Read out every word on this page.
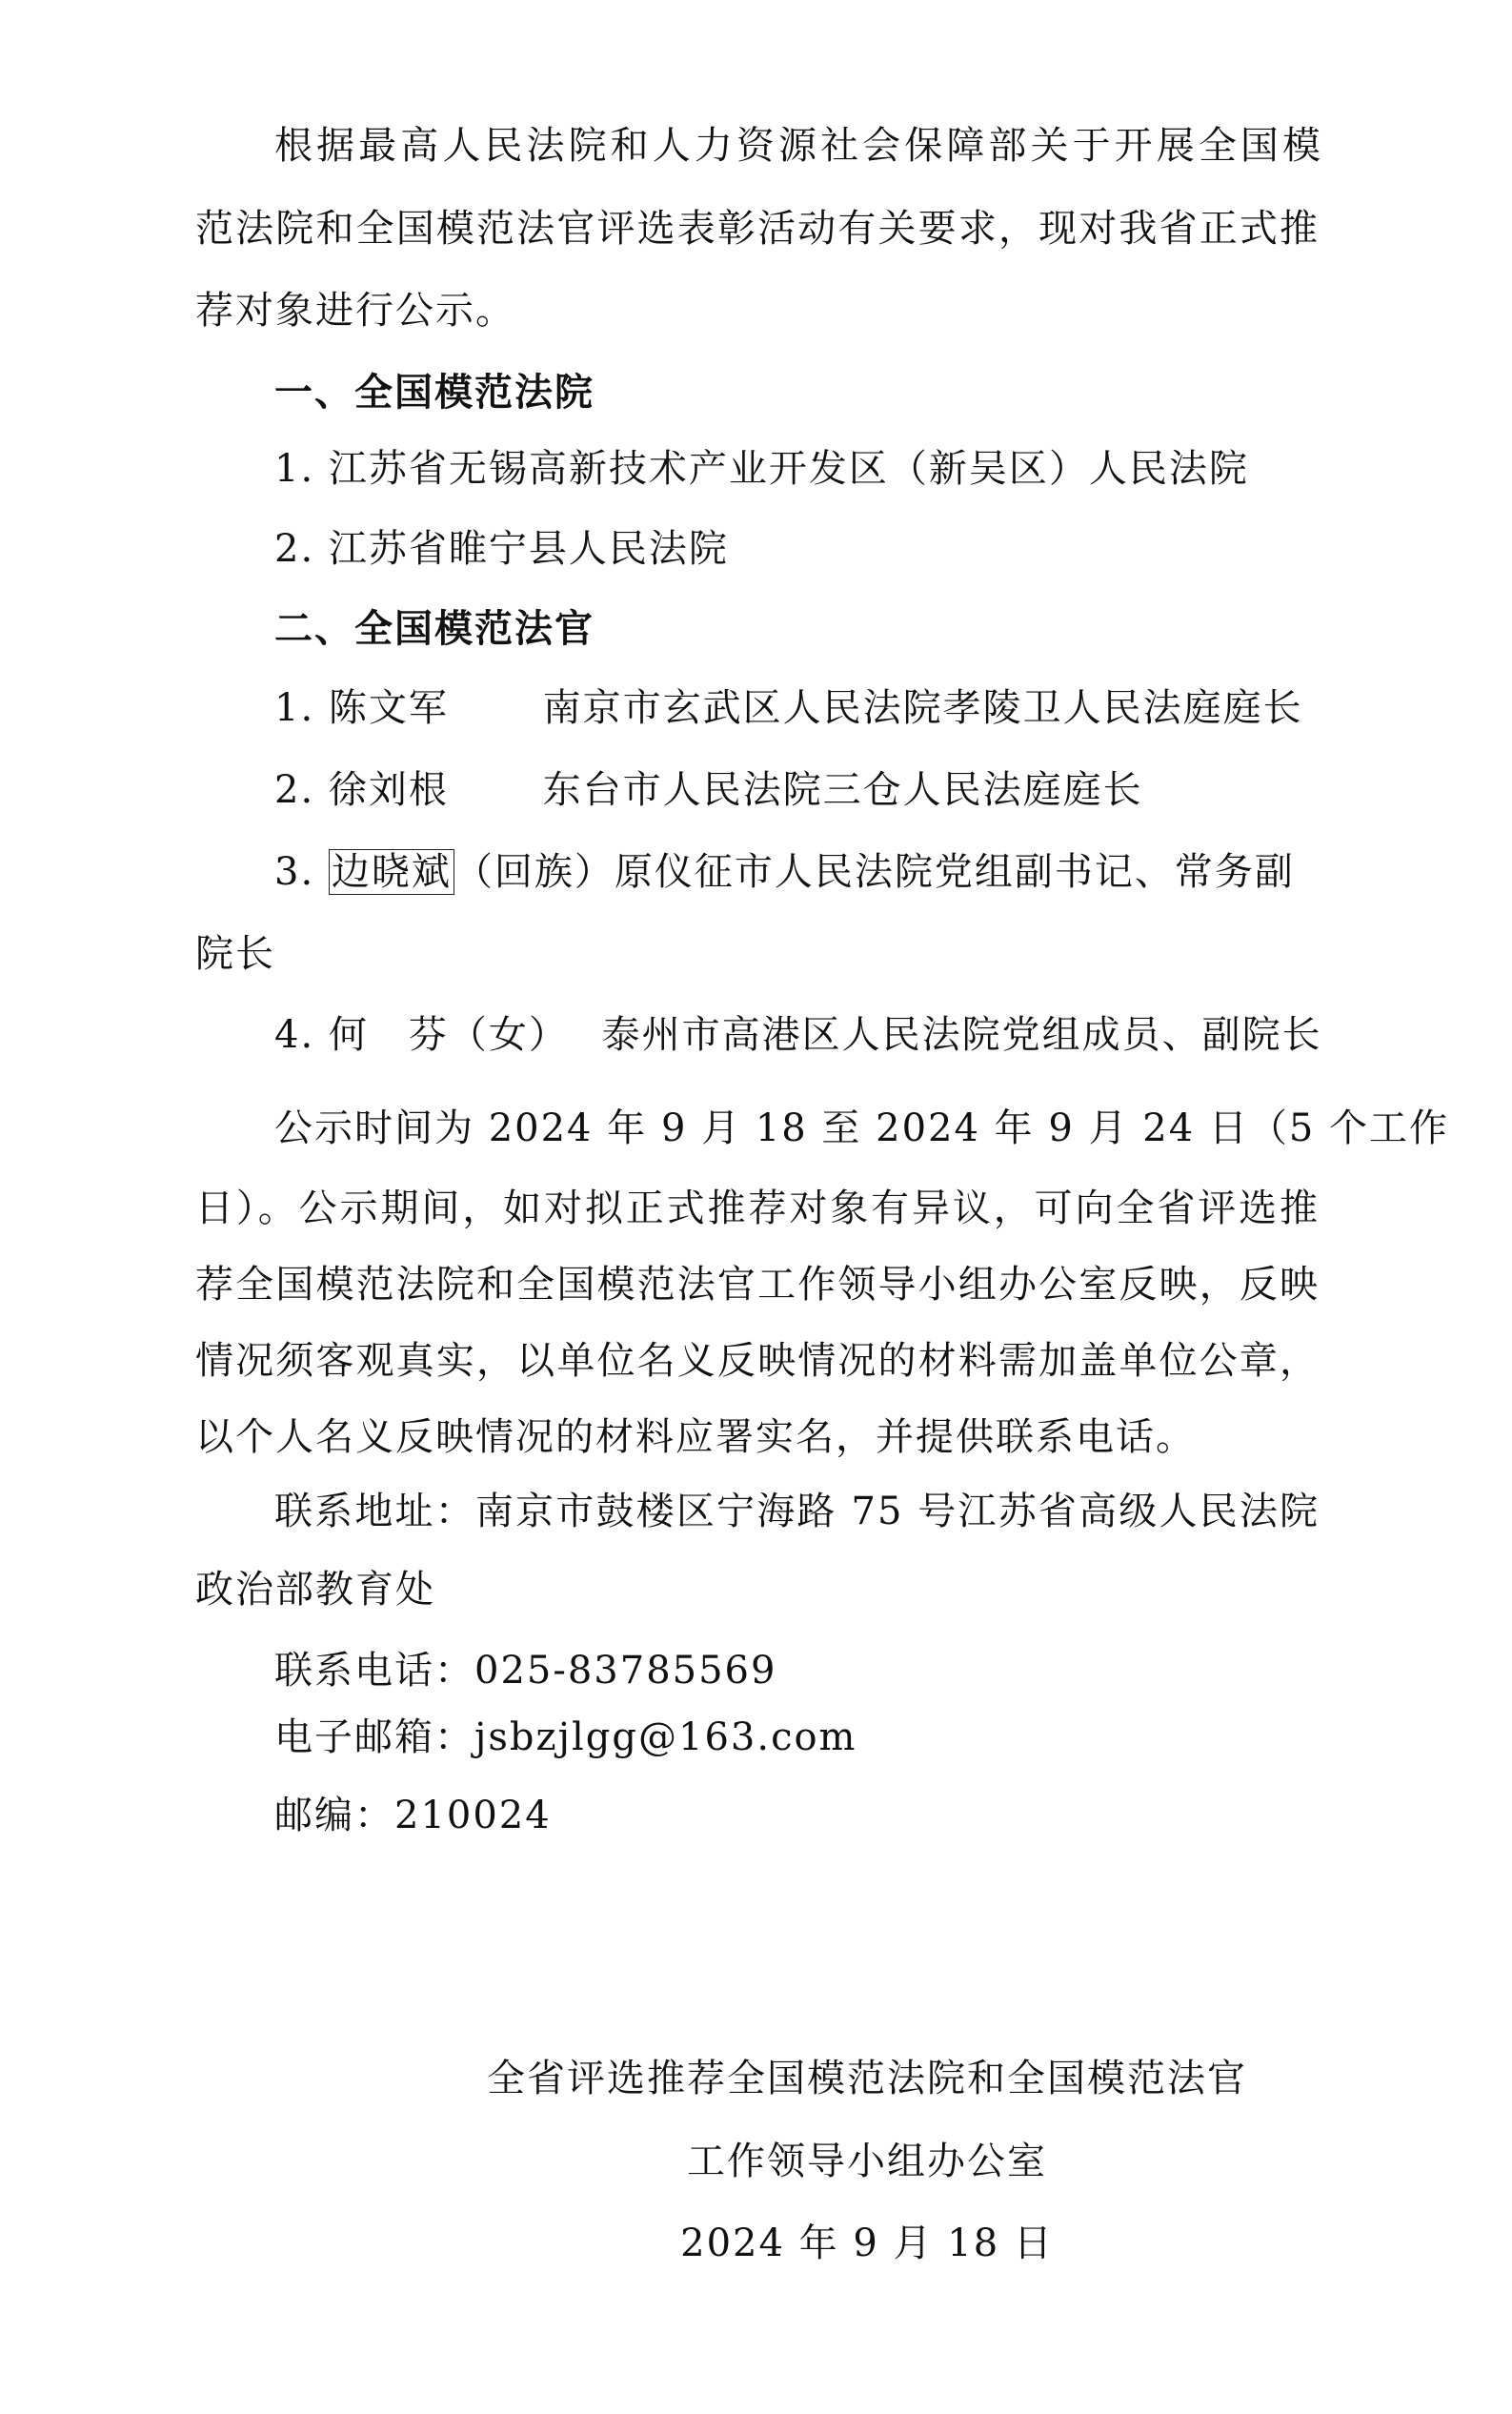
根据最高人民法院和人力资源社会保障部关于开展全国模
范法院和全国模范法官评选表彰活动有关要求，现对我省正式推
荐对象进行公示。
一、全国模范法院
1. 江苏省无锡高新技术产业开发区（新吴区）人民法院
2. 江苏省睢宁县人民法院
二、全国模范法官
1. 陈文军 南京市玄武区人民法院孝陵卫人民法庭庭长
2. 徐刘根 东台市人民法院三仓人民法庭庭长
3. 边晓斌（回族）原仪征市人民法院党组副书记、常务副
院长
4. 何　芬（女） 泰州市高港区人民法院党组成员、副院长
公示时间为 2024 年 9 月 18 至 2024 年 9 月 24 日（5 个工作
日）。公示期间，如对拟正式推荐对象有异议，可向全省评选推
荐全国模范法院和全国模范法官工作领导小组办公室反映，反映
情况须客观真实，以单位名义反映情况的材料需加盖单位公章，
以个人名义反映情况的材料应署实名，并提供联系电话。
联系地址：南京市鼓楼区宁海路 75 号江苏省高级人民法院
政治部教育处
联系电话：025-83785569
电子邮箱：jsbzjlgg@163.com
邮编：210024
全省评选推荐全国模范法院和全国模范法官
工作领导小组办公室
2024 年 9 月 18 日
